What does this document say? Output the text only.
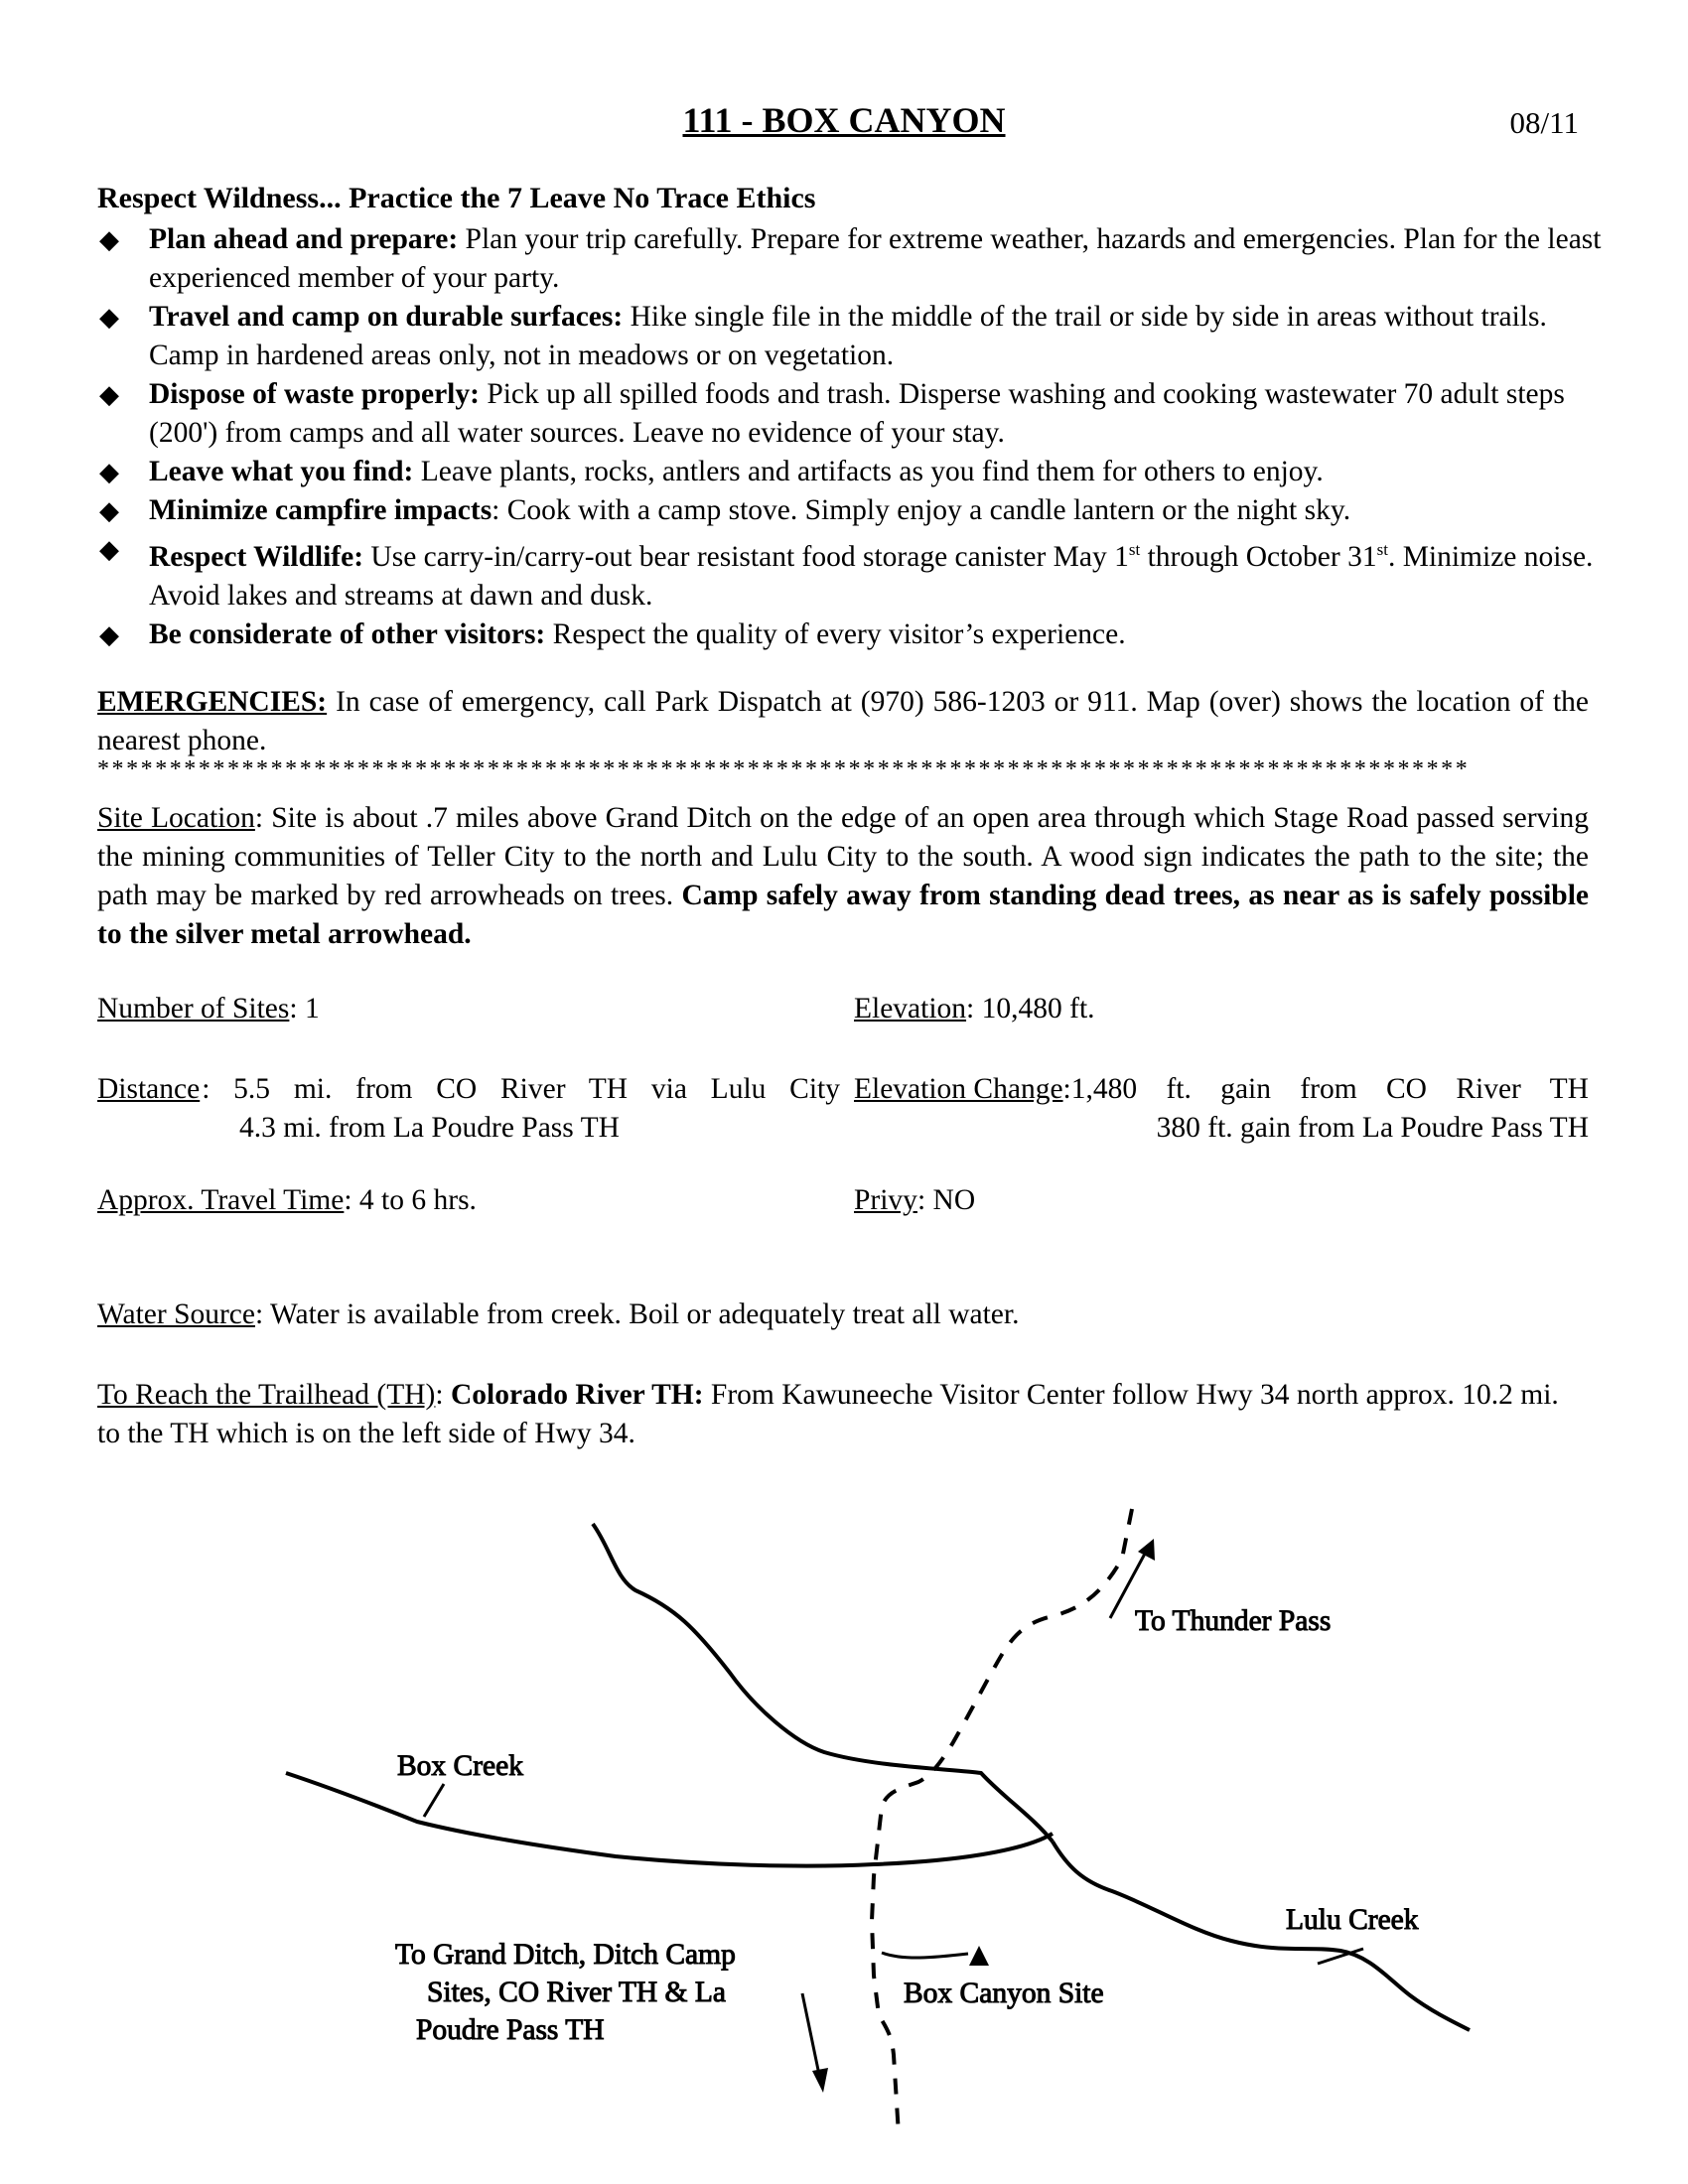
111 - BOX CANYON	08/11
Respect Wildness... Practice the 7 Leave No Trace Ethics
◆ Plan ahead and prepare: Plan your trip carefully. Prepare for extreme weather, hazards and emergencies. Plan for the least experienced member of your party.
◆ Travel and camp on durable surfaces: Hike single file in the middle of the trail or side by side in areas without trails. Camp in hardened areas only, not in meadows or on vegetation.
◆ Dispose of waste properly: Pick up all spilled foods and trash. Disperse washing and cooking wastewater 70 adult steps (200') from camps and all water sources. Leave no evidence of your stay.
◆ Leave what you find: Leave plants, rocks, antlers and artifacts as you find them for others to enjoy.
◆ Minimize campfire impacts: Cook with a camp stove. Simply enjoy a candle lantern or the night sky.
◆ Respect Wildlife: Use carry-in/carry-out bear resistant food storage canister May 1st through October 31st. Minimize noise. Avoid lakes and streams at dawn and dusk.
◆ Be considerate of other visitors: Respect the quality of every visitor’s experience.
EMERGENCIES: In case of emergency, call Park Dispatch at (970) 586-1203 or 911. Map (over) shows the location of the nearest phone.
***********************************************************************************************
Site Location: Site is about .7 miles above Grand Ditch on the edge of an open area through which Stage Road passed serving the mining communities of Teller City to the north and Lulu City to the south. A wood sign indicates the path to the site; the path may be marked by red arrowheads on trees. Camp safely away from standing dead trees, as near as is safely possible to the silver metal arrowhead.
Number of Sites: 1	Elevation: 10,480 ft.
Distance : 5.5 mi. from CO River TH via Lulu City
4.3 mi. from La Poudre Pass TH
Elevation Change :1,480 ft. gain from CO River TH
380 ft. gain from La Poudre Pass TH
Approx. Travel Time: 4 to 6 hrs.	Privy: NO
Water Source: Water is available from creek. Boil or adequately treat all water.
To Reach the Trailhead (TH): Colorado River TH: From Kawuneeche Visitor Center follow Hwy 34 north approx. 10.2 mi. to the TH which is on the left side of Hwy 34.
To Thunder Pass
Box Creek
Lulu Creek
Box Canyon Site
To Grand Ditch, Ditch Camp
Sites, CO River TH & La
Poudre Pass TH
